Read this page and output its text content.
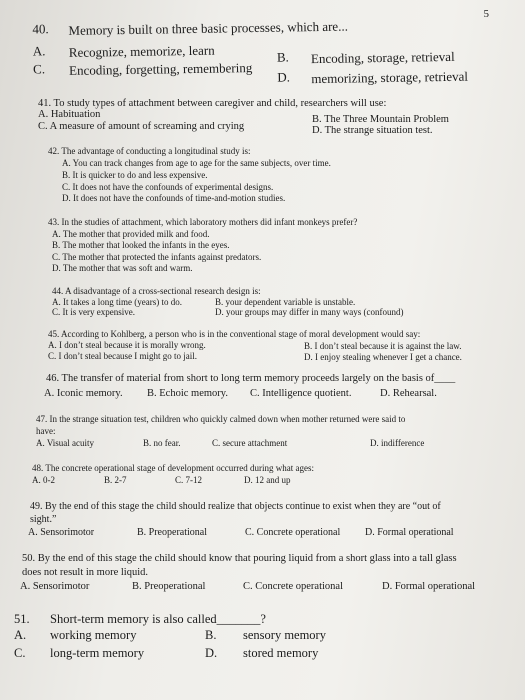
5
40. Memory is built on three basic processes, which are...
A. Recognize, memorize, learn	B. Encoding, storage, retrieval
C. Encoding, forgetting, remembering D. memorizing, storage, retrieval
41. To study types of attachment between caregiver and child, researchers will use:
A. Habituation	B. The Three Mountain Problem
C. A measure of amount of screaming and crying	D. The strange situation test.
42. The advantage of conducting a longitudinal study is:
A. You can track changes from age to age for the same subjects, over time.
B. It is quicker to do and less expensive.
C. It does not have the confounds of experimental designs.
D. It does not have the confounds of time-and-motion studies.
43. In the studies of attachment, which laboratory mothers did infant monkeys prefer?
A. The mother that provided milk and food.
B. The mother that looked the infants in the eyes.
C. The mother that protected the infants against predators.
D. The mother that was soft and warm.
44. A disadvantage of a cross-sectional research design is:
A. It takes a long time (years) to do.	B. your dependent variable is unstable.
C. It is very expensive.	D. your groups may differ in many ways (confound)
45. According to Kohlberg, a person who is in the conventional stage of moral development would say:
A. I don’t steal because it is morally wrong.	B. I don’t steal because it is against the law.
C. I don’t steal because I might go to jail.	D. I enjoy stealing whenever I get a chance.
46. The transfer of material from short to long term memory proceeds largely on the basis of____
A. Iconic memory. B. Echoic memory. C. Intelligence quotient.	D. Rehearsal.
47. In the strange situation test, children who quickly calmed down when mother returned were said to
have:
A. Visual acuity	B. no fear.	C. secure attachment	D. indifference
48. The concrete operational stage of development occurred during what ages:
A. 0-2	B. 2-7	C. 7-12	D. 12 and up
49. By the end of this stage the child should realize that objects continue to exist when they are “out of
sight.”
A. Sensorimotor	B. Preoperational	C. Concrete operational D. Formal operational
50. By the end of this stage the child should know that pouring liquid from a short glass into a tall glass
does not result in more liquid.
A. Sensorimotor	B. Preoperational	C. Concrete operational	D. Formal operational
51. Short-term memory is also called_______?
A. working memory	B. sensory memory
C. long-term memory	D. stored memory
